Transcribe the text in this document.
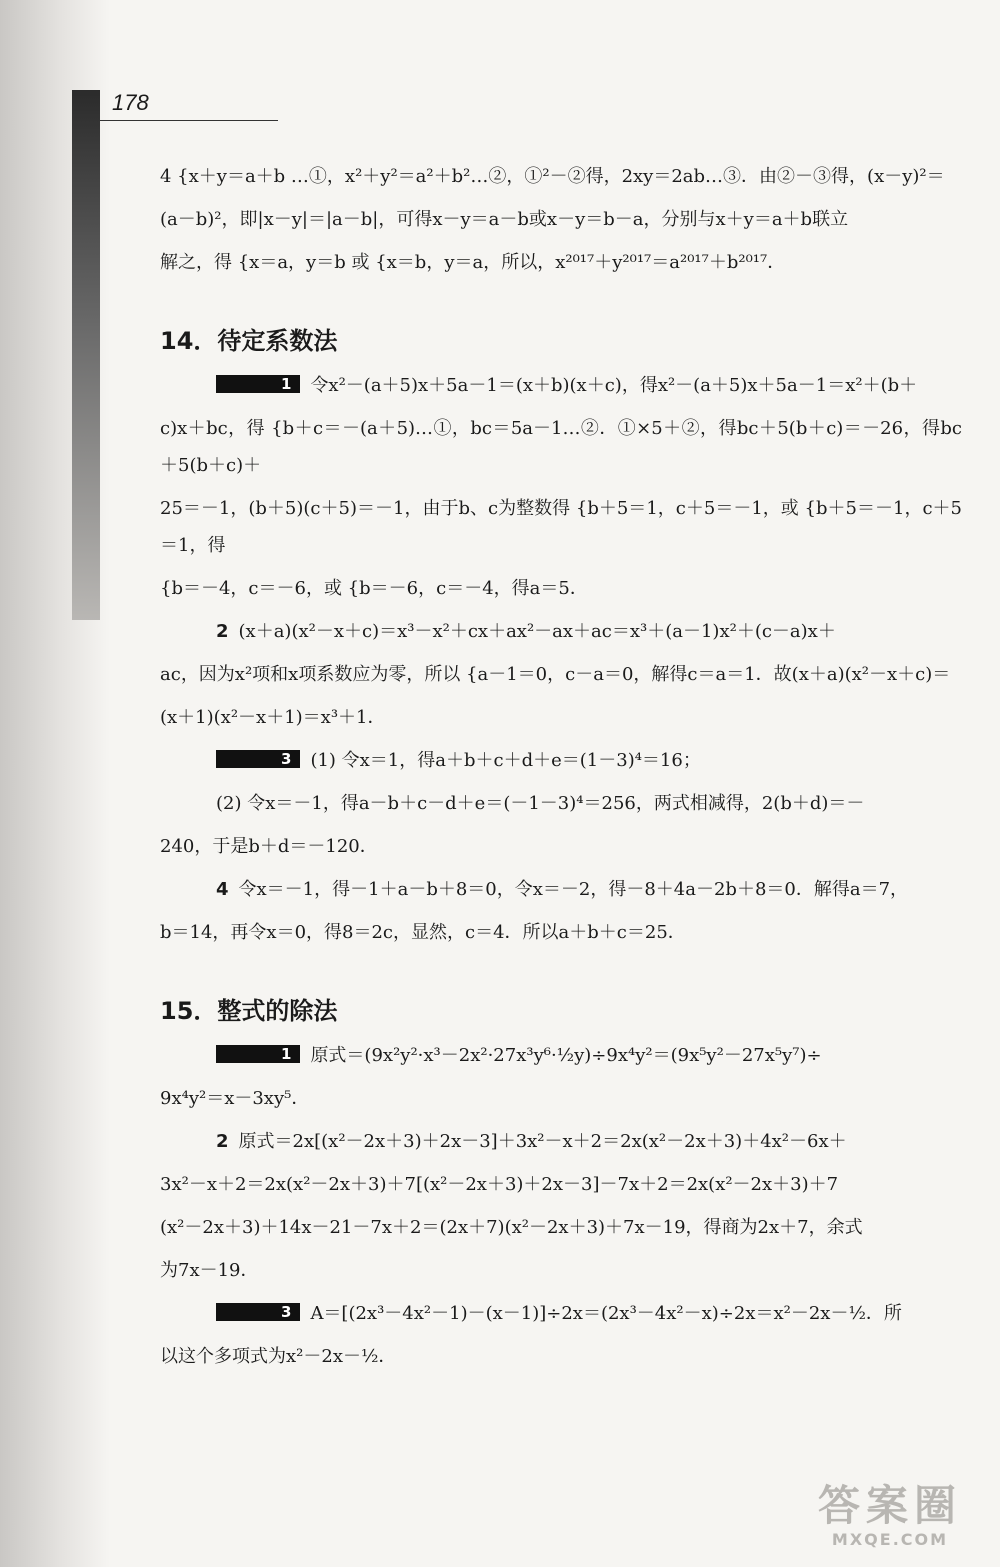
178

4 {x＋y＝a＋b …①，x²＋y²＝a²＋b²…②，①²－②得，2xy＝2ab…③．由②－③得，(x－y)²＝

(a－b)²，即|x－y|＝|a－b|，可得x－y＝a－b或x－y＝b－a，分别与x＋y＝a＋b联立

解之，得 {x＝a，y＝b 或 {x＝b，y＝a，所以，x²⁰¹⁷＋y²⁰¹⁷＝a²⁰¹⁷＋b²⁰¹⁷．

14．待定系数法

1 令x²－(a＋5)x＋5a－1＝(x＋b)(x＋c)，得x²－(a＋5)x＋5a－1＝x²＋(b＋

c)x＋bc，得 {b＋c＝－(a＋5)…①，bc＝5a－1…②．①×5＋②，得bc＋5(b＋c)＝－26，得bc＋5(b＋c)＋

25＝－1，(b＋5)(c＋5)＝－1，由于b、c为整数得 {b＋5＝1，c＋5＝－1，或 {b＋5＝－1，c＋5＝1，得

{b＝－4，c＝－6，或 {b＝－6，c＝－4，得a＝5．

2 (x＋a)(x²－x＋c)＝x³－x²＋cx＋ax²－ax＋ac＝x³＋(a－1)x²＋(c－a)x＋

ac，因为x²项和x项系数应为零，所以 {a－1＝0，c－a＝0，解得c＝a＝1．故(x＋a)(x²－x＋c)＝

(x＋1)(x²－x＋1)＝x³＋1．

3 (1) 令x＝1，得a＋b＋c＋d＋e＝(1－3)⁴＝16；

(2) 令x＝－1，得a－b＋c－d＋e＝(－1－3)⁴＝256，两式相减得，2(b＋d)＝－

240，于是b＋d＝－120．

4 令x＝－1，得－1＋a－b＋8＝0，令x＝－2，得－8＋4a－2b＋8＝0．解得a＝7，

b＝14，再令x＝0，得8＝2c，显然，c＝4．所以a＋b＋c＝25．

15．整式的除法

1 原式＝(9x²y²·x³－2x²·27x³y⁶·½y)÷9x⁴y²＝(9x⁵y²－27x⁵y⁷)÷

9x⁴y²＝x－3xy⁵．

2 原式＝2x[(x²－2x＋3)＋2x－3]＋3x²－x＋2＝2x(x²－2x＋3)＋4x²－6x＋

3x²－x＋2＝2x(x²－2x＋3)＋7[(x²－2x＋3)＋2x－3]－7x＋2＝2x(x²－2x＋3)＋7

(x²－2x＋3)＋14x－21－7x＋2＝(2x＋7)(x²－2x＋3)＋7x－19，得商为2x＋7，余式

为7x－19．

3 A＝[(2x³－4x²－1)－(x－1)]÷2x＝(2x³－4x²－x)÷2x＝x²－2x－½．所

以这个多项式为x²－2x－½．

答案圈
MXQE.COM
